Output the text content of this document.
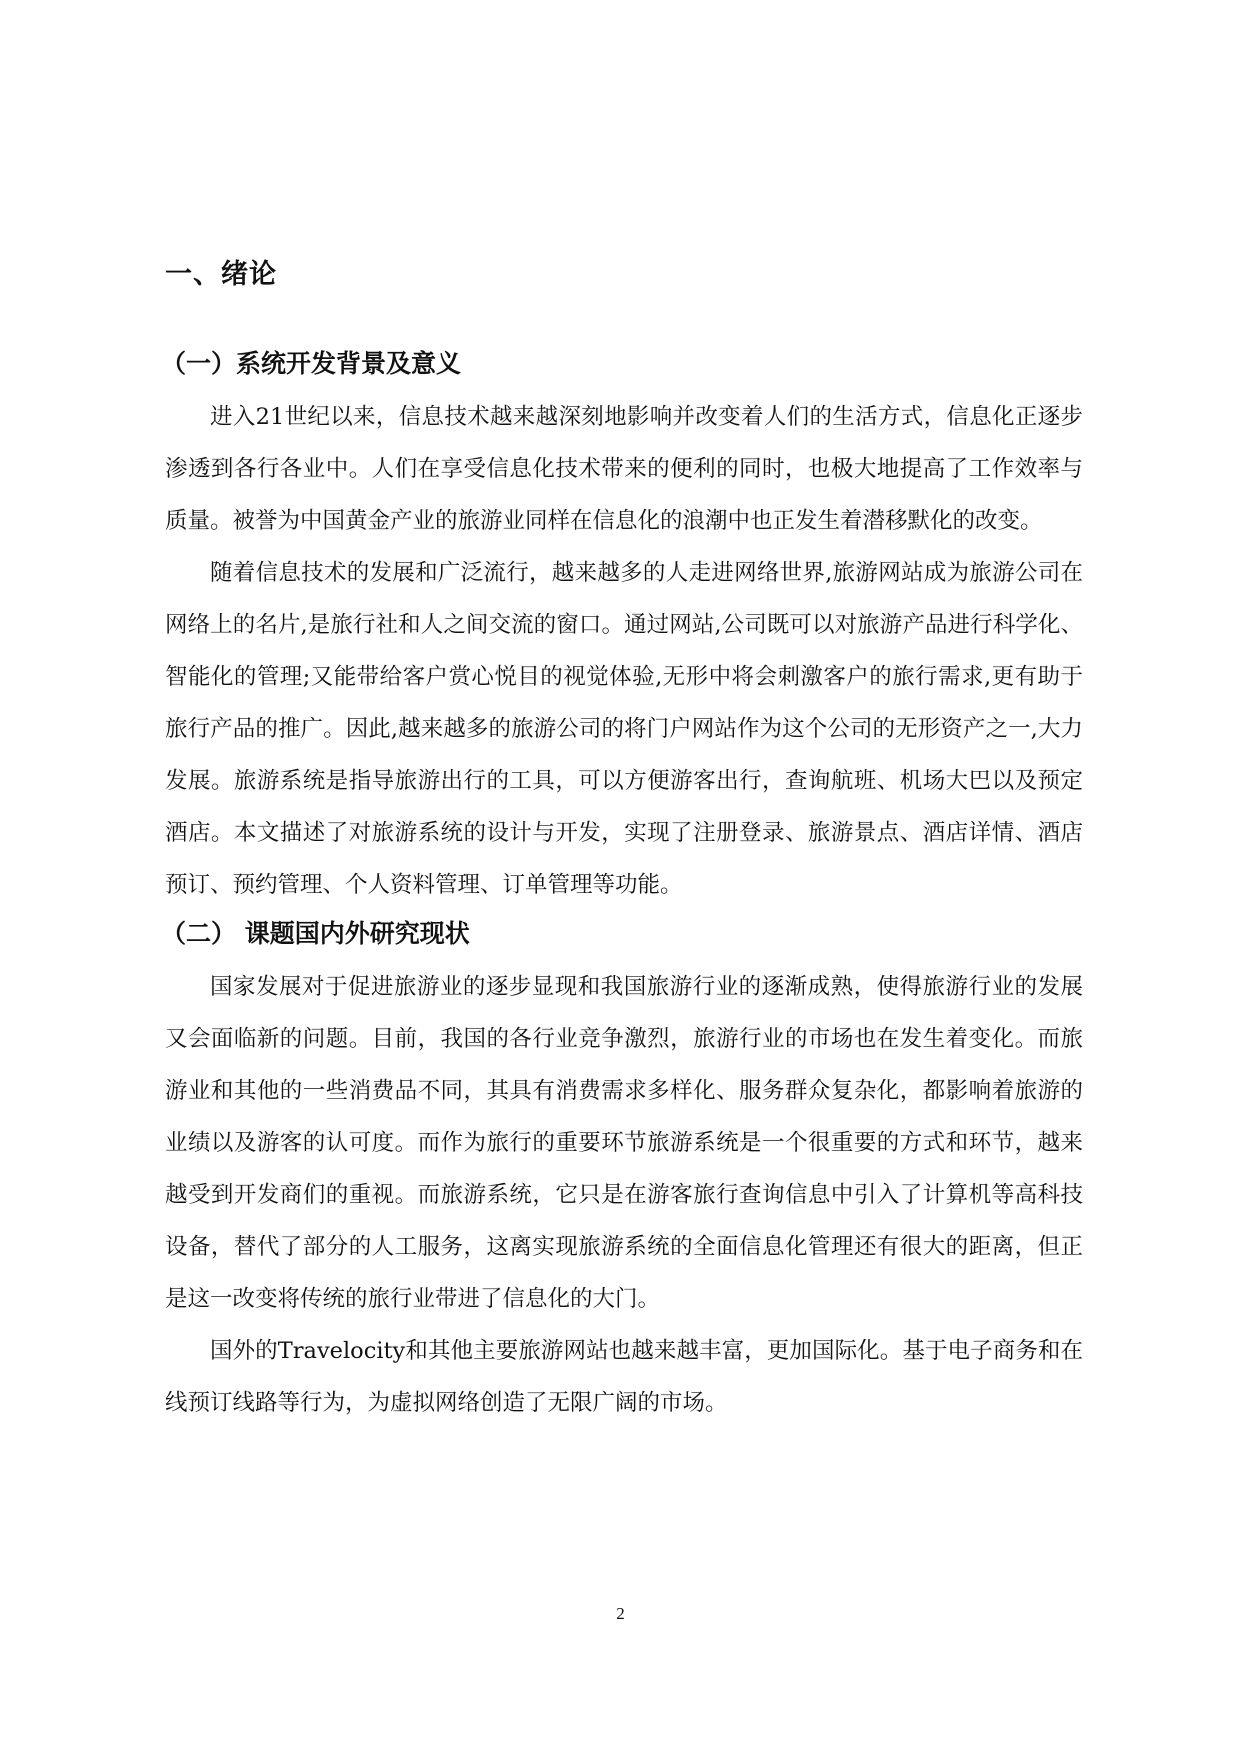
一、绪论
（一）系统开发背景及意义

进入21世纪以来，信息技术越来越深刻地影响并改变着人们的生活方式，信息化正逐步渗透到各行各业中。人们在享受信息化技术带来的便利的同时，也极大地提高了工作效率与质量。被誉为中国黄金产业的旅游业同样在信息化的浪潮中也正发生着潜移默化的改变。

随着信息技术的发展和广泛流行，越来越多的人走进网络世界,旅游网站成为旅游公司在网络上的名片,是旅行社和人之间交流的窗口。通过网站,公司既可以对旅游产品进行科学化、智能化的管理;又能带给客户赏心悦目的视觉体验,无形中将会刺激客户的旅行需求,更有助于旅行产品的推广。因此,越来越多的旅游公司的将门户网站作为这个公司的无形资产之一,大力发展。旅游系统是指导旅游出行的工具，可以方便游客出行，查询航班、机场大巴以及预定酒店。本文描述了对旅游系统的设计与开发，实现了注册登录、旅游景点、酒店详情、酒店预订、预约管理、个人资料管理、订单管理等功能。

（二） 课题国内外研究现状

国家发展对于促进旅游业的逐步显现和我国旅游行业的逐渐成熟，使得旅游行业的发展又会面临新的问题。目前，我国的各行业竞争激烈，旅游行业的市场也在发生着变化。而旅游业和其他的一些消费品不同，其具有消费需求多样化、服务群众复杂化，都影响着旅游的业绩以及游客的认可度。而作为旅行的重要环节旅游系统是一个很重要的方式和环节，越来越受到开发商们的重视。而旅游系统，它只是在游客旅行查询信息中引入了计算机等高科技设备，替代了部分的人工服务，这离实现旅游系统的全面信息化管理还有很大的距离，但正是这一改变将传统的旅行业带进了信息化的大门。

国外的Travelocity和其他主要旅游网站也越来越丰富，更加国际化。基于电子商务和在线预订线路等行为，为虚拟网络创造了无限广阔的市场。

2
